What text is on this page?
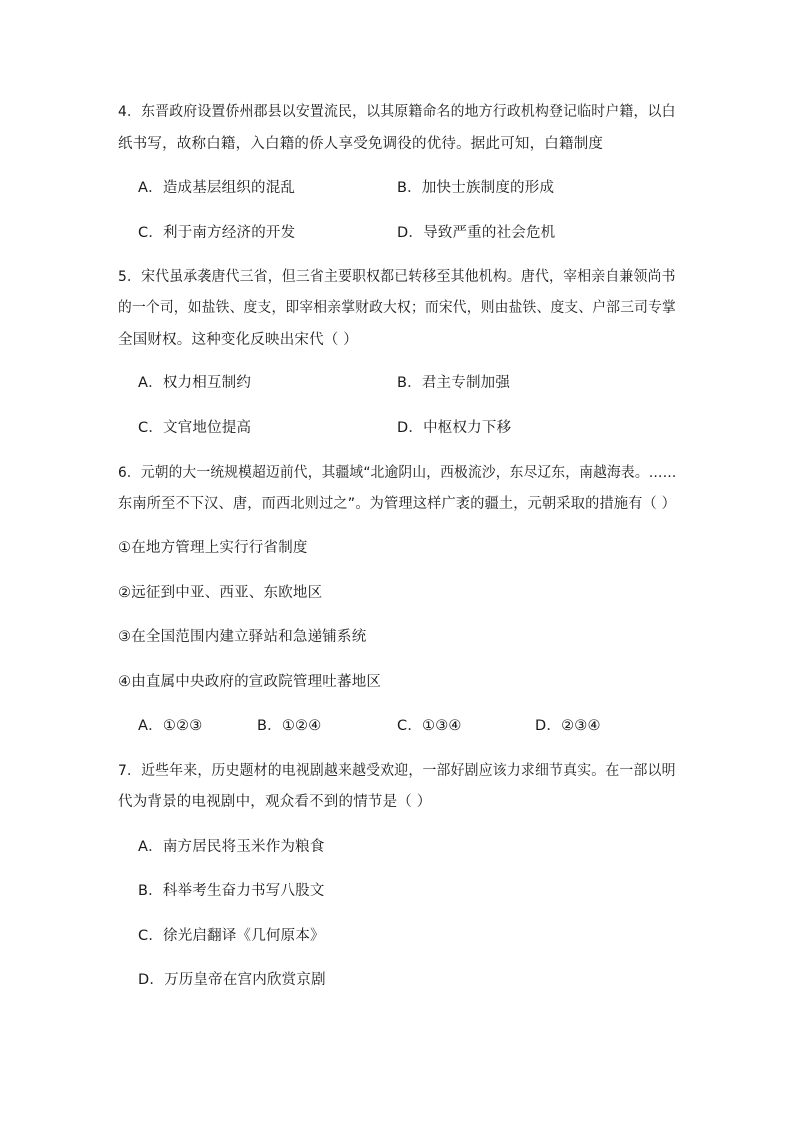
4．东晋政府设置侨州郡县以安置流民，以其原籍命名的地方行政机构登记临时户籍，以白
纸书写，故称白籍，入白籍的侨人享受免调役的优待。据此可知，白籍制度
A．造成基层组织的混乱	B．加快士族制度的形成
C．利于南方经济的开发	D．导致严重的社会危机
5．宋代虽承袭唐代三省，但三省主要职权都已转移至其他机构。唐代，宰相亲自兼领尚书
的一个司，如盐铁、度支，即宰相亲掌财政大权；而宋代，则由盐铁、度支、户部三司专掌
全国财权。这种变化反映出宋代（ ）
A．权力相互制约	B．君主专制加强
C．文官地位提高	D．中枢权力下移
6．元朝的大一统规模超迈前代，其疆域“北逾阴山，西极流沙，东尽辽东，南越海表。……
东南所至不下汉、唐，而西北则过之”。为管理这样广袤的疆土，元朝采取的措施有（ ）
①在地方管理上实行行省制度
②远征到中亚、西亚、东欧地区
③在全国范围内建立驿站和急递铺系统
④由直属中央政府的宣政院管理吐蕃地区
A．①②③	B．①②④	C．①③④	D．②③④
7．近些年来，历史题材的电视剧越来越受欢迎，一部好剧应该力求细节真实。在一部以明
代为背景的电视剧中，观众看不到的情节是（ ）
A．南方居民将玉米作为粮食
B．科举考生奋力书写八股文
C．徐光启翻译《几何原本》
D．万历皇帝在宫内欣赏京剧
